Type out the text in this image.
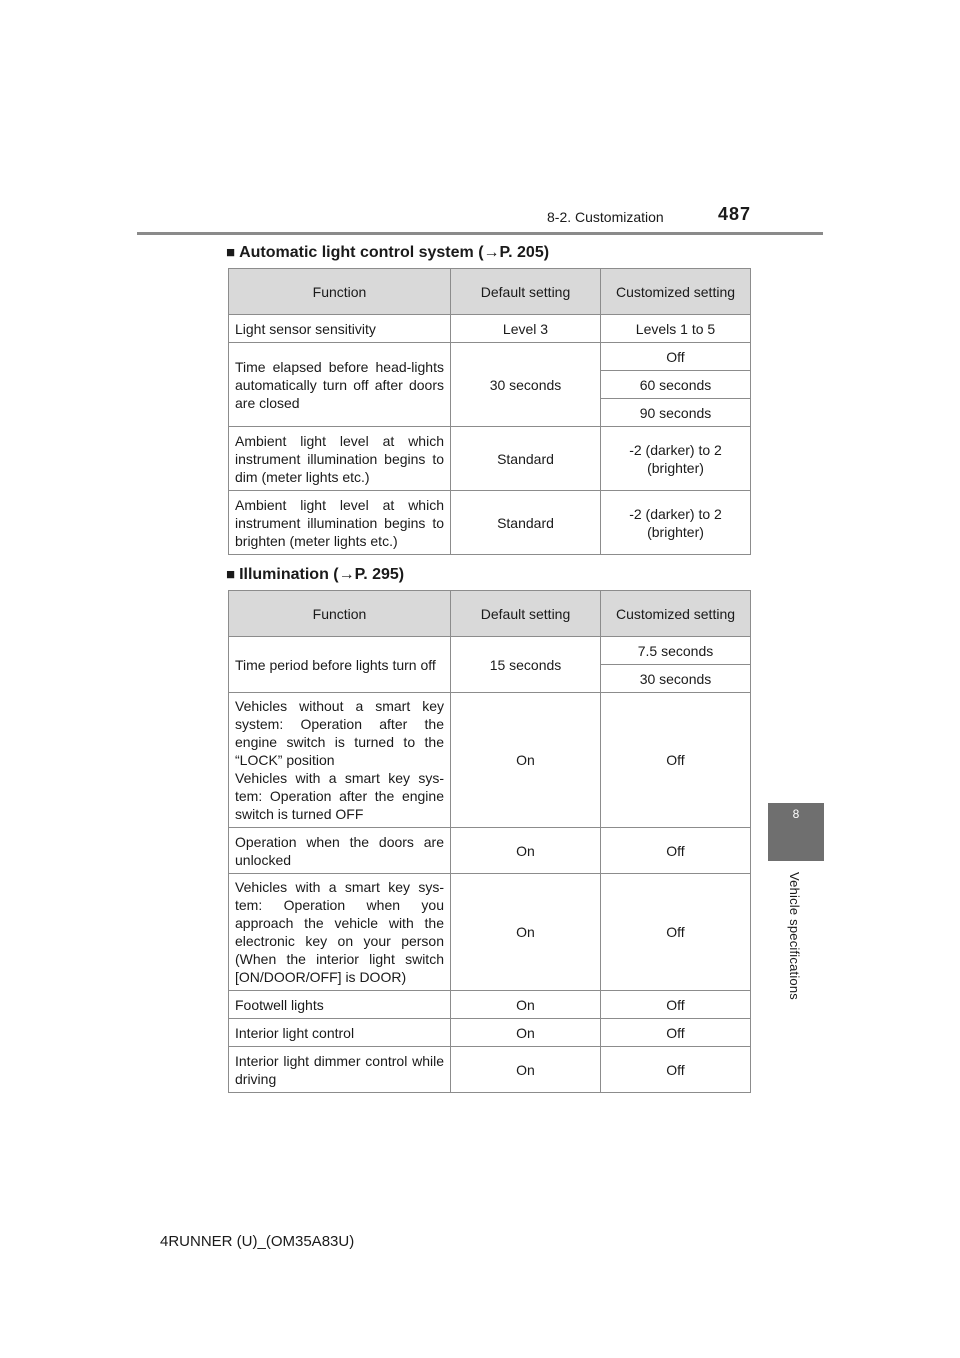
8-2. Customization	487
8
Vehicle specifications
■ Automatic light control system (→P. 205)
Function	Default setting	Customized setting
Light sensor sensitivity	Level 3	Levels 1 to 5
Time elapsed before head-lights automatically turn off after doors are closed	30 seconds	Off
		60 seconds
		90 seconds
Ambient light level at which instrument illumination begins to dim (meter lights etc.)	Standard	-2 (darker) to 2 (brighter)
Ambient light level at which instrument illumination begins to brighten (meter lights etc.)	Standard	-2 (darker) to 2 (brighter)
■ Illumination (→P. 295)
Function	Default setting	Customized setting
Time period before lights turn off	15 seconds	7.5 seconds
		30 seconds
Vehicles without a smart key system: Operation after the engine switch is turned to the “LOCK” position
Vehicles with a smart key sys-tem: Operation after the engine switch is turned OFF	On	Off
Operation when the doors are unlocked	On	Off
Vehicles with a smart key sys-tem: Operation when you approach the vehicle with the electronic key on your person (When the interior light switch [ON/DOOR/OFF] is DOOR)	On	Off
Footwell lights	On	Off
Interior light control	On	Off
Interior light dimmer control while driving	On	Off
4RUNNER (U)_(OM35A83U)
